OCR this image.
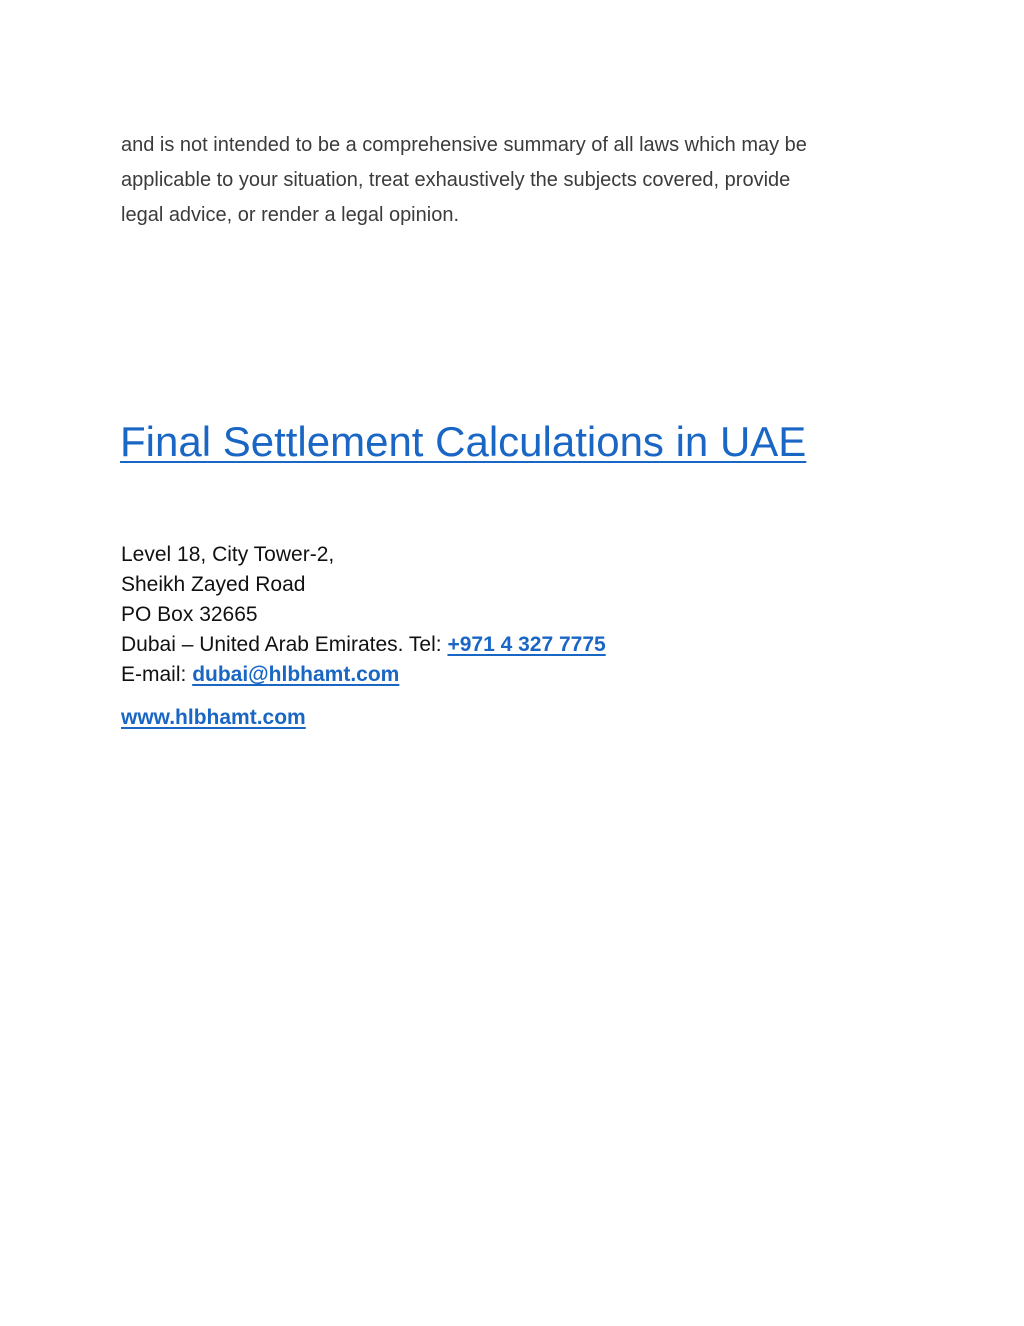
and is not intended to be a comprehensive summary of all laws which may be
applicable to your situation, treat exhaustively the subjects covered, provide
legal advice, or render a legal opinion.

Final Settlement Calculations in UAE
Level 18, City Tower-2,
Sheikh Zayed Road
PO Box 32665
Dubai – United Arab Emirates. Tel: +971 4 327 7775
E-mail: dubai@hlbhamt.com
www.hlbhamt.com
